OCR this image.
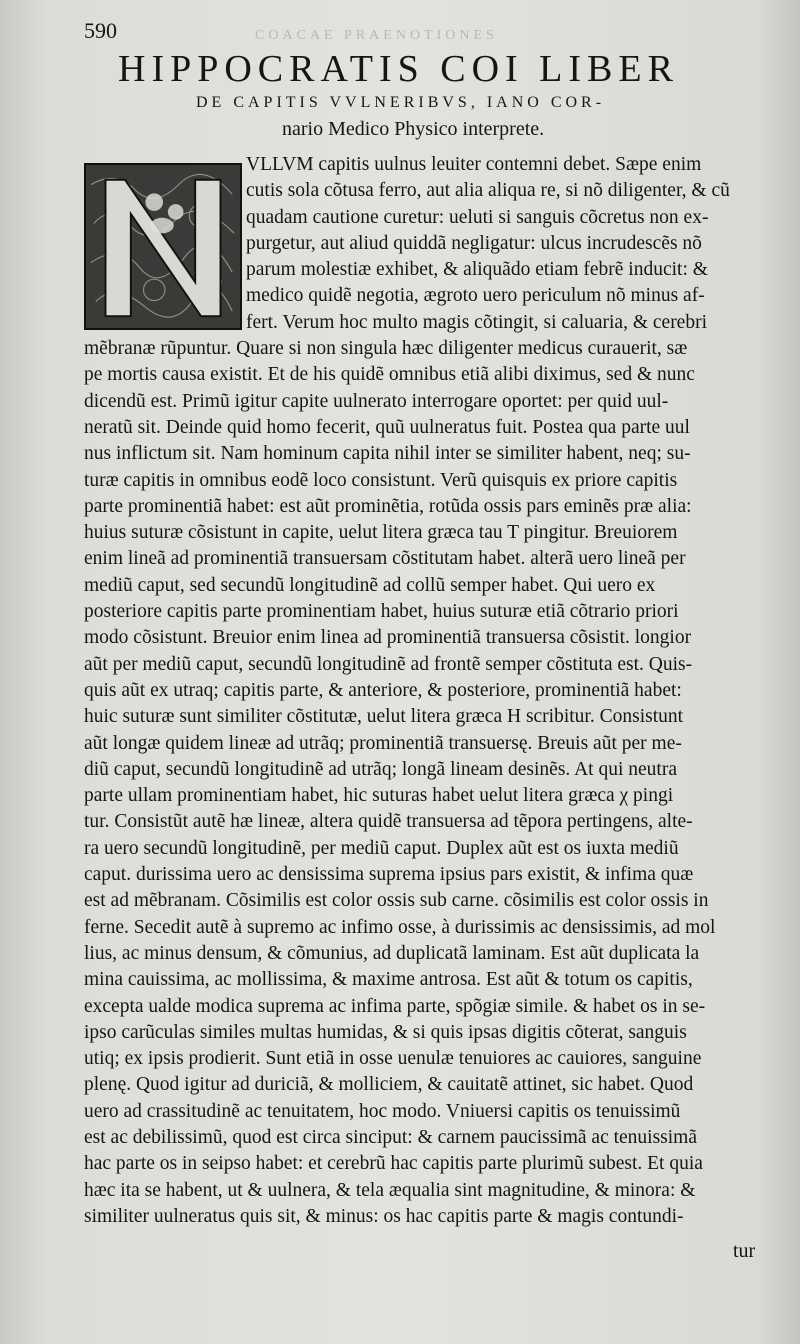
COACAE PRAENOTIONES
590
HIPPOCRATIS COI LIBER
DE CAPITIS VVLNERIBVS, IANO COR-
nario Medico Physico interprete.
VLLVM capitis uulnus leuiter contemni debet. Sæpe enim
cutis sola cõtusa ferro, aut alia aliqua re, si nõ diligenter, & cũ
quadam cautione curetur: ueluti si sanguis cõcretus non ex-
purgetur, aut aliud quiddã negligatur: ulcus incrudescẽs nõ
parum molestiæ exhibet, & aliquãdo etiam febrẽ inducit: &
medico quidẽ negotia, ægroto uero periculum nõ minus af-
fert. Verum hoc multo magis cõtingit, si caluaria, & cerebri
mẽbranæ rũpuntur. Quare si non singula hæc diligenter medicus curauerit, sæ
pe mortis causa existit. Et de his quidẽ omnibus etiã alibi diximus, sed & nunc
dicendũ est. Primũ igitur capite uulnerato interrogare oportet: per quid uul-
neratũ sit. Deinde quid homo fecerit, quũ uulneratus fuit. Postea qua parte uul
nus inflictum sit. Nam hominum capita nihil inter se similiter habent, neq; su-
turæ capitis in omnibus eodẽ loco consistunt. Verũ quisquis ex priore capitis
parte prominentiã habet: est aũt prominẽtia, rotũda ossis pars eminẽs præ alia:
huius suturæ cõsistunt in capite, uelut litera græca tau T pingitur. Breuiorem
enim lineã ad prominentiã transuersam cõstitutam habet. alterã uero lineã per
mediũ caput, sed secundũ longitudinẽ ad collũ semper habet. Qui uero ex
posteriore capitis parte prominentiam habet, huius suturæ etiã cõtrario priori
modo cõsistunt. Breuior enim linea ad prominentiã transuersa cõsistit. longior
aũt per mediũ caput, secundũ longitudinẽ ad frontẽ semper cõstituta est. Quis-
quis aũt ex utraq; capitis parte, & anteriore, & posteriore, prominentiã habet:
huic suturæ sunt similiter cõstitutæ, uelut litera græca H scribitur. Consistunt
aũt longæ quidem lineæ ad utrãq; prominentiã transuersę. Breuis aũt per me-
diũ caput, secundũ longitudinẽ ad utrãq; longã lineam desinẽs. At qui neutra
parte ullam prominentiam habet, hic suturas habet uelut litera græca χ pingi
tur. Consistũt autẽ hæ lineæ, altera quidẽ transuersa ad tẽpora pertingens, alte-
ra uero secundũ longitudinẽ, per mediũ caput. Duplex aũt est os iuxta mediũ
caput. durissima uero ac densissima suprema ipsius pars existit, & infima quæ
est ad mẽbranam. Cõsimilis est color ossis sub carne. cõsimilis est color ossis in
ferne. Secedit autẽ à supremo ac infimo osse, à durissimis ac densissimis, ad mol
lius, ac minus densum, & cõmunius, ad duplicatã laminam. Est aũt duplicata la
mina cauissima, ac mollissima, & maxime antrosa. Est aũt & totum os capitis,
excepta ualde modica suprema ac infima parte, spõgiæ simile. & habet os in se-
ipso carũculas similes multas humidas, & si quis ipsas digitis cõterat, sanguis
utiq; ex ipsis prodierit. Sunt etiã in osse uenulæ tenuiores ac cauiores, sanguine
plenę. Quod igitur ad duriciã, & molliciem, & cauitatẽ attinet, sic habet. Quod
uero ad crassitudinẽ ac tenuitatem, hoc modo. Vniuersi capitis os tenuissimũ
est ac debilissimũ, quod est circa sinciput: & carnem paucissimã ac tenuissimã
hac parte os in seipso habet: et cerebrũ hac capitis parte plurimũ subest. Et quia
hæc ita se habent, ut & uulnera, & tela æqualia sint magnitudine, & minora: &
similiter uulneratus quis sit, & minus: os hac capitis parte & magis contundi-
tur
